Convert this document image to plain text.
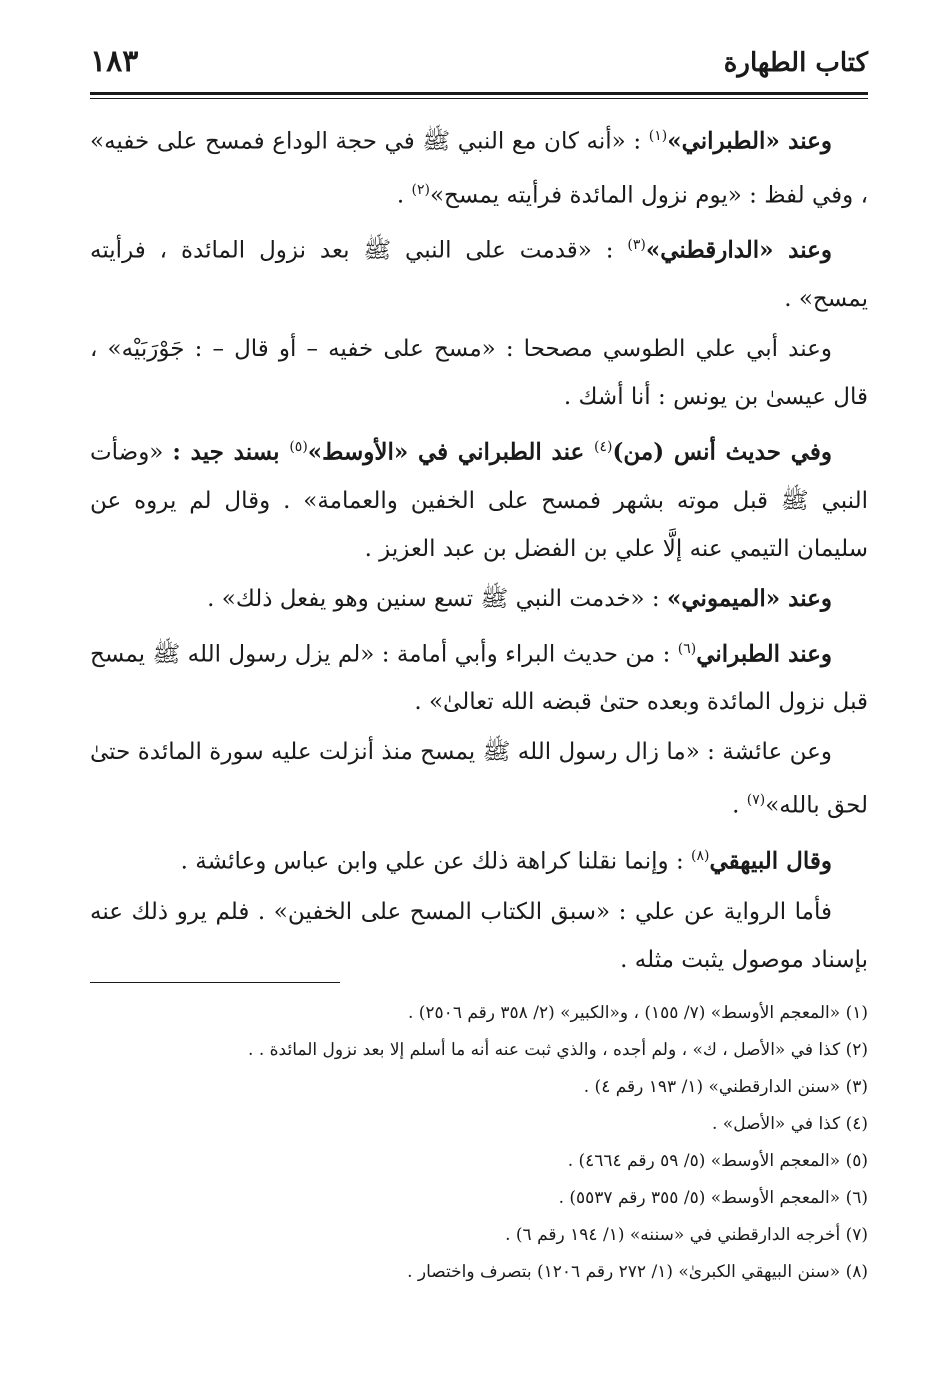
كتاب الطهارة
١٨٣

وعند «الطبراني»$^{(١)}$ : «أنه كان مع النبي ﷺ في حجة الوداع فمسح على خفيه» ، وفي لفظ : «يوم نزول المائدة فرأيته يمسح»$^{(٢)}$ .

وعند «الدارقطني»$^{(٣)}$ : «قدمت على النبي ﷺ بعد نزول المائدة ، فرأيته يمسح» .

وعند أبي علي الطوسي مصححا : «مسح على خفيه – أو قال – : جَوْرَبَيْه» ، قال عيسىٰ بن يونس : أنا أشك .

وفي حديث أنس (من)$^{(٤)}$ عند الطبراني في «الأوسط»$^{(٥)}$ بسند جيد : «وضأت النبي ﷺ قبل موته بشهر فمسح على الخفين والعمامة» . وقال لم يروه عن سليمان التيمي عنه إلَّا علي بن الفضل بن عبد العزيز .

وعند «الميموني» : «خدمت النبي ﷺ تسع سنين وهو يفعل ذلك» .

وعند الطبراني$^{(٦)}$ : من حديث البراء وأبي أمامة : «لم يزل رسول الله ﷺ يمسح قبل نزول المائدة وبعده حتىٰ قبضه الله تعالىٰ» .

وعن عائشة : «ما زال رسول الله ﷺ يمسح منذ أنزلت عليه سورة المائدة حتىٰ لحق بالله»$^{(٧)}$ .

وقال البيهقي$^{(٨)}$ : وإنما نقلنا كراهة ذلك عن علي وابن عباس وعائشة .

فأما الرواية عن علي : «سبق الكتاب المسح على الخفين» . فلم يرو ذلك عنه بإسناد موصول يثبت مثله .

(١) «المعجم الأوسط» (٧/ ١٥٥) ، و«الكبير» (٢/ ٣٥٨ رقم ٢٥٠٦) .
(٢) كذا في «الأصل ، ك» ، ولم أجده ، والذي ثبت عنه أنه ما أسلم إلا بعد نزول المائدة . .
(٣) «سنن الدارقطني» (١/ ١٩٣ رقم ٤) .
(٤) كذا في «الأصل» .
(٥) «المعجم الأوسط» (٥/ ٥٩ رقم ٤٦٦٤) .
(٦) «المعجم الأوسط» (٥/ ٣٥٥ رقم ٥٥٣٧) .
(٧) أخرجه الدارقطني في «سننه» (١/ ١٩٤ رقم ٦) .
(٨) «سنن البيهقي الكبرىٰ» (١/ ٢٧٢ رقم ١٢٠٦) بتصرف واختصار .
